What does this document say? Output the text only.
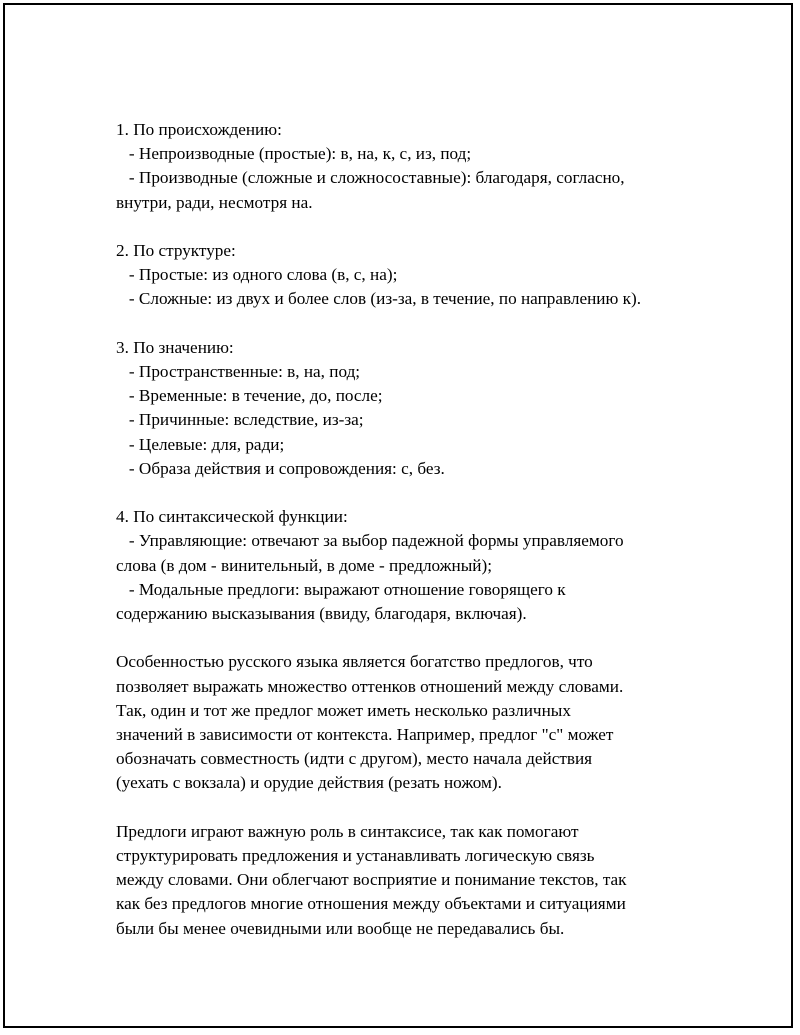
1. По происхождению:
- Непроизводные (простые): в, на, к, с, из, под;
- Производные (сложные и сложносоставные): благодаря, согласно,
внутри, ради, несмотря на.
2. По структуре:
- Простые: из одного слова (в, с, на);
- Сложные: из двух и более слов (из-за, в течение, по направлению к).
3. По значению:
- Пространственные: в, на, под;
- Временные: в течение, до, после;
- Причинные: вследствие, из-за;
- Целевые: для, ради;
- Образа действия и сопровождения: с, без.
4. По синтаксической функции:
- Управляющие: отвечают за выбор падежной формы управляемого
слова (в дом - винительный, в доме - предложный);
- Модальные предлоги: выражают отношение говорящего к
содержанию высказывания (ввиду, благодаря, включая).
Особенностью русского языка является богатство предлогов, что
позволяет выражать множество оттенков отношений между словами.
Так, один и тот же предлог может иметь несколько различных
значений в зависимости от контекста. Например, предлог "с" может
обозначать совместность (идти с другом), место начала действия
(уехать с вокзала) и орудие действия (резать ножом).
Предлоги играют важную роль в синтаксисе, так как помогают
структурировать предложения и устанавливать логическую связь
между словами. Они облегчают восприятие и понимание текстов, так
как без предлогов многие отношения между объектами и ситуациями
были бы менее очевидными или вообще не передавались бы.
